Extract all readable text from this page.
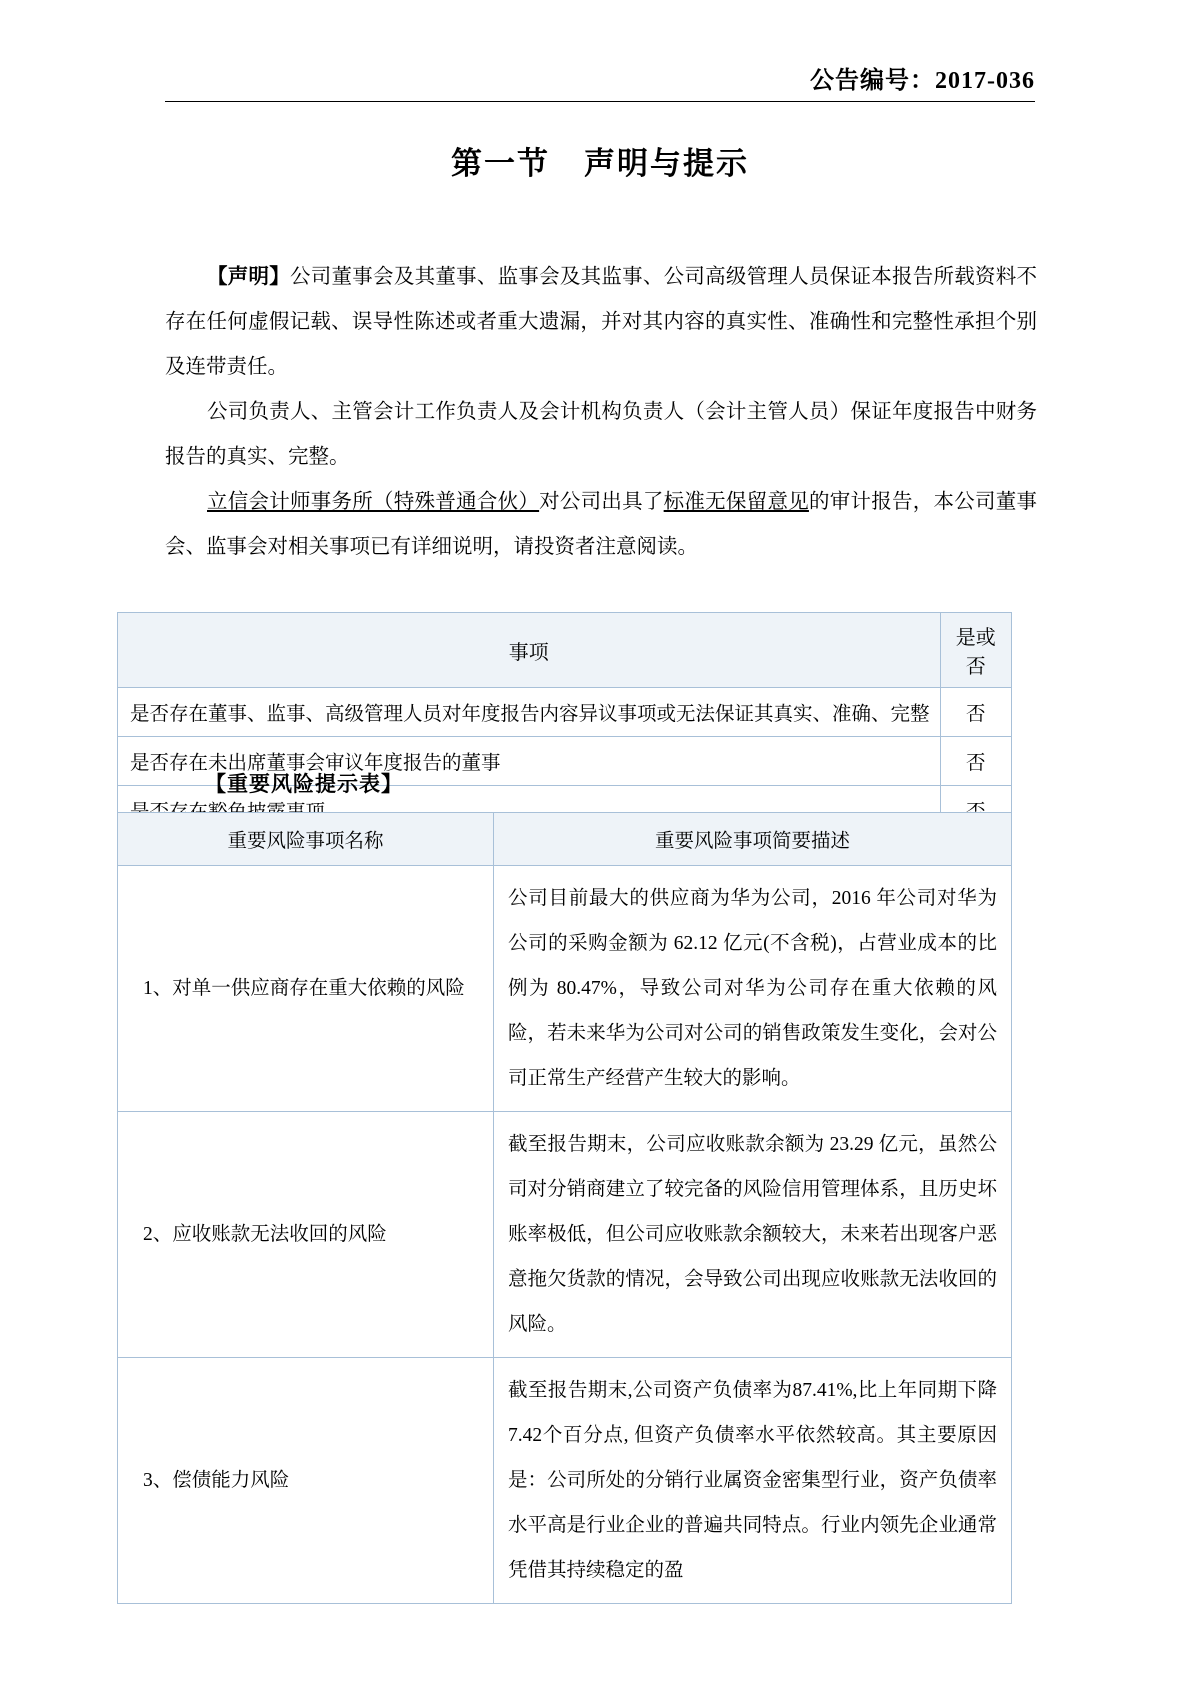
公告编号：2017-036
第一节 声明与提示

【声明】公司董事会及其董事、监事会及其监事、公司高级管理人员保证本报告所载资料不存在任何虚假记载、误导性陈述或者重大遗漏，并对其内容的真实性、准确性和完整性承担个别及连带责任。

公司负责人、主管会计工作负责人及会计机构负责人（会计主管人员）保证年度报告中财务报告的真实、完整。

立信会计师事务所（特殊普通合伙）对公司出具了标准无保留意见的审计报告，本公司董事会、监事会对相关事项已有详细说明，请投资者注意阅读。

事项	是或否
是否存在董事、监事、高级管理人员对年度报告内容异议事项或无法保证其真实、准确、完整	否
是否存在未出席董事会审议年度报告的董事	否

【重要风险提示表】
重要风险事项名称	重要风险事项简要描述
1、对单一供应商存在重大依赖的风险	公司目前最大的供应商为华为公司，2016 年公司对华为公司的采购金额为 62.12 亿元(不含税)，占营业成本的比例为 80.47%，导致公司对华为公司存在重大依赖的风险，若未来华为公司对公司的销售政策发生变化，会对公司正常生产经营产生较大的影响。
2、应收账款无法收回的风险	截至报告期末，公司应收账款余额为 23.29 亿元，虽然公司对分销商建立了较完备的风险信用管理体系，且历史坏账率极低，但公司应收账款余额较大，未来若出现客户恶意拖欠货款的情况，会导致公司出现应收账款无法收回的风险。
3、偿债能力风险	截至报告期末,公司资产负债率为87.41%,比上年同期下降7.42个百分点, 但资产负债率水平依然较高。其主要原因是：公司所处的分销行业属资金密集型行业，资产负债率水平高是行业企业的普遍共同特点。行业内领先企业通常凭借其持续稳定的盈
